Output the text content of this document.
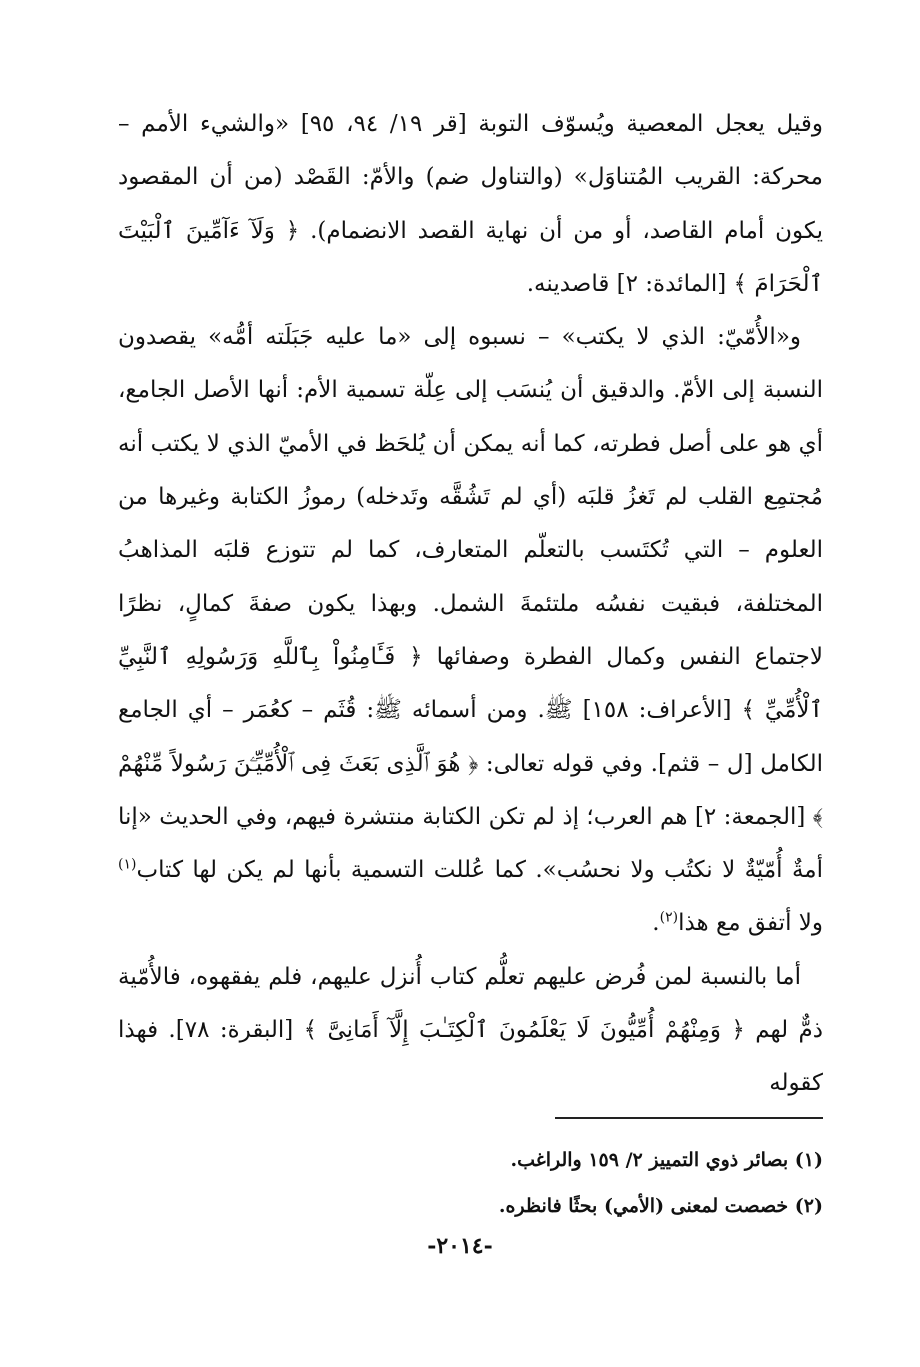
وقيل يعجل المعصية ويُسوّف التوبة [قر ١٩/ ٩٤، ٩٥] «والشيء الأمم – محركة: القريب المُتناوَل» (والتناول ضم) والأمّ: القَصْد (من أن المقصود يكون أمام القاصد، أو من أن نهاية القصد الانضمام). ﴿ وَلَآ ءَآمِّينَ ٱلْبَيْتَ ٱلْحَرَامَ ﴾ [المائدة: ٢] قاصدينه.

و«الأُمّيّ: الذي لا يكتب» – نسبوه إلى «ما عليه جَبَلَته أمُّه» يقصدون النسبة إلى الأمّ. والدقيق أن يُنسَب إلى عِلّة تسمية الأم: أنها الأصل الجامع، أي هو على أصل فطرته، كما أنه يمكن أن يُلحَظ في الأميّ الذي لا يكتب أنه مُجتمِع القلب لم تَغزُ قلبَه (أي لم تَشُقَّه وتَدخله) رموزُ الكتابة وغيرها من العلوم – التي تُكتَسب بالتعلّم المتعارف، كما لم تتوزع قلبَه المذاهبُ المختلفة، فبقيت نفسُه ملتئمةَ الشمل. وبهذا يكون صفةَ كمالٍ، نظرًا لاجتماع النفس وكمال الفطرة وصفائها ﴿ فَـَٔامِنُواْ بِٱللَّهِ وَرَسُولِهِ ٱلنَّبِيِّ ٱلْأُمِّيِّ ﴾ [الأعراف: ١٥٨] ﷺ. ومن أسمائه ﷺ: قُثَم – كعُمَر – أي الجامع الكامل [ل – قثم]. وفي قوله تعالى: ﴿ هُوَ ٱلَّذِى بَعَثَ فِى ٱلْأُمِّيِّـۧنَ رَسُولاً مِّنْهُمْ ﴾ [الجمعة: ٢] هم العرب؛ إذ لم تكن الكتابة منتشرة فيهم، وفي الحديث «إنا أمةٌ أُمّيّةٌ لا نكتُب ولا نحسُب». كما عُللت التسمية بأنها لم يكن لها كتاب$^{(١)}$ ولا أتفق مع هذا$^{(٢)}$.

أما بالنسبة لمن فُرض عليهم تعلُّم كتاب أُنزل عليهم، فلم يفقهوه، فالأُمّية ذمٌّ لهم ﴿ وَمِنْهُمْ أُمِّيُّونَ لَا يَعْلَمُونَ ٱلْكِتَـٰبَ إِلَّآ أَمَانِىَّ ﴾ [البقرة: ٧٨]. فهذا كقوله

(١) بصائر ذوي التمييز ٢/ ١٥٩ والراغب.

(٢) خصصت لمعنى (الأمي) بحثًا فانظره.

-٢٠١٤-
